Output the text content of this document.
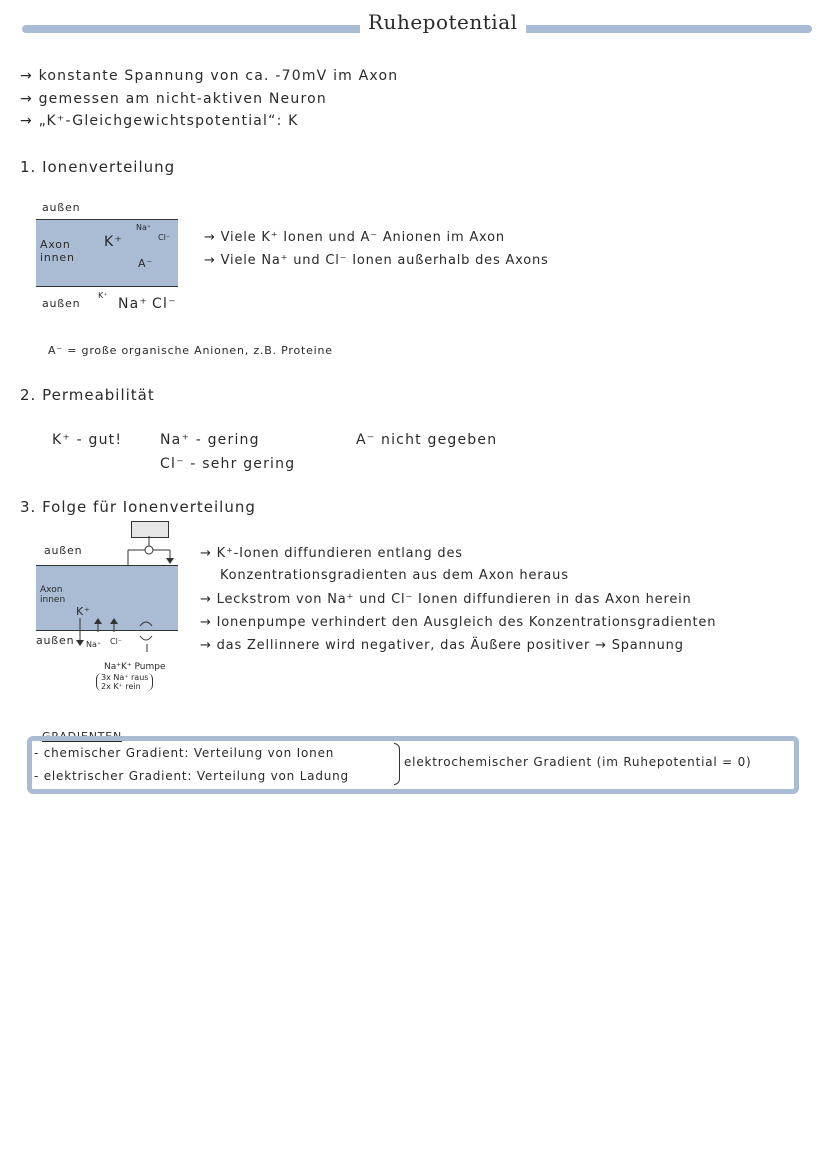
Ruhepotential
→ konstante Spannung von ca. -70mV im Axon
→ gemessen am nicht-aktiven Neuron
→ „K⁺-Gleichgewichtspotential“: K
1. Ionenverteilung
außen
Axon innen
K⁺
Na⁺
Cl⁻
A⁻
außen
K⁺
Na⁺ Cl⁻
→ Viele K⁺ Ionen und A⁻ Anionen im Axon
→ Viele Na⁺ und Cl⁻ Ionen außerhalb des Axons
A⁻ = große organische Anionen, z.B. Proteine
2. Permeabilität
K⁺ - gut!	Na⁺ - gering
Cl⁻ - sehr gering
A⁻ nicht gegeben
3. Folge für Ionenverteilung
außen
Axon innen
K⁺
außen Na⁺ Cl⁻
Na⁺K⁺ Pumpe
3x Na⁺ raus
2x K⁺ rein
→ K⁺-Ionen diffundieren entlang des
Konzentrationsgradienten aus dem Axon heraus
→ Leckstrom von Na⁺ und Cl⁻ Ionen diffundieren in das Axon herein
→ Ionenpumpe verhindert den Ausgleich des Konzentrationsgradienten
→ das Zellinnere wird negativer, das Äußere positiver → Spannung
GRADIENTEN
- chemischer Gradient: Verteilung von Ionen
- elektrischer Gradient: Verteilung von Ladung
elektrochemischer Gradient (im Ruhepotential = 0)
